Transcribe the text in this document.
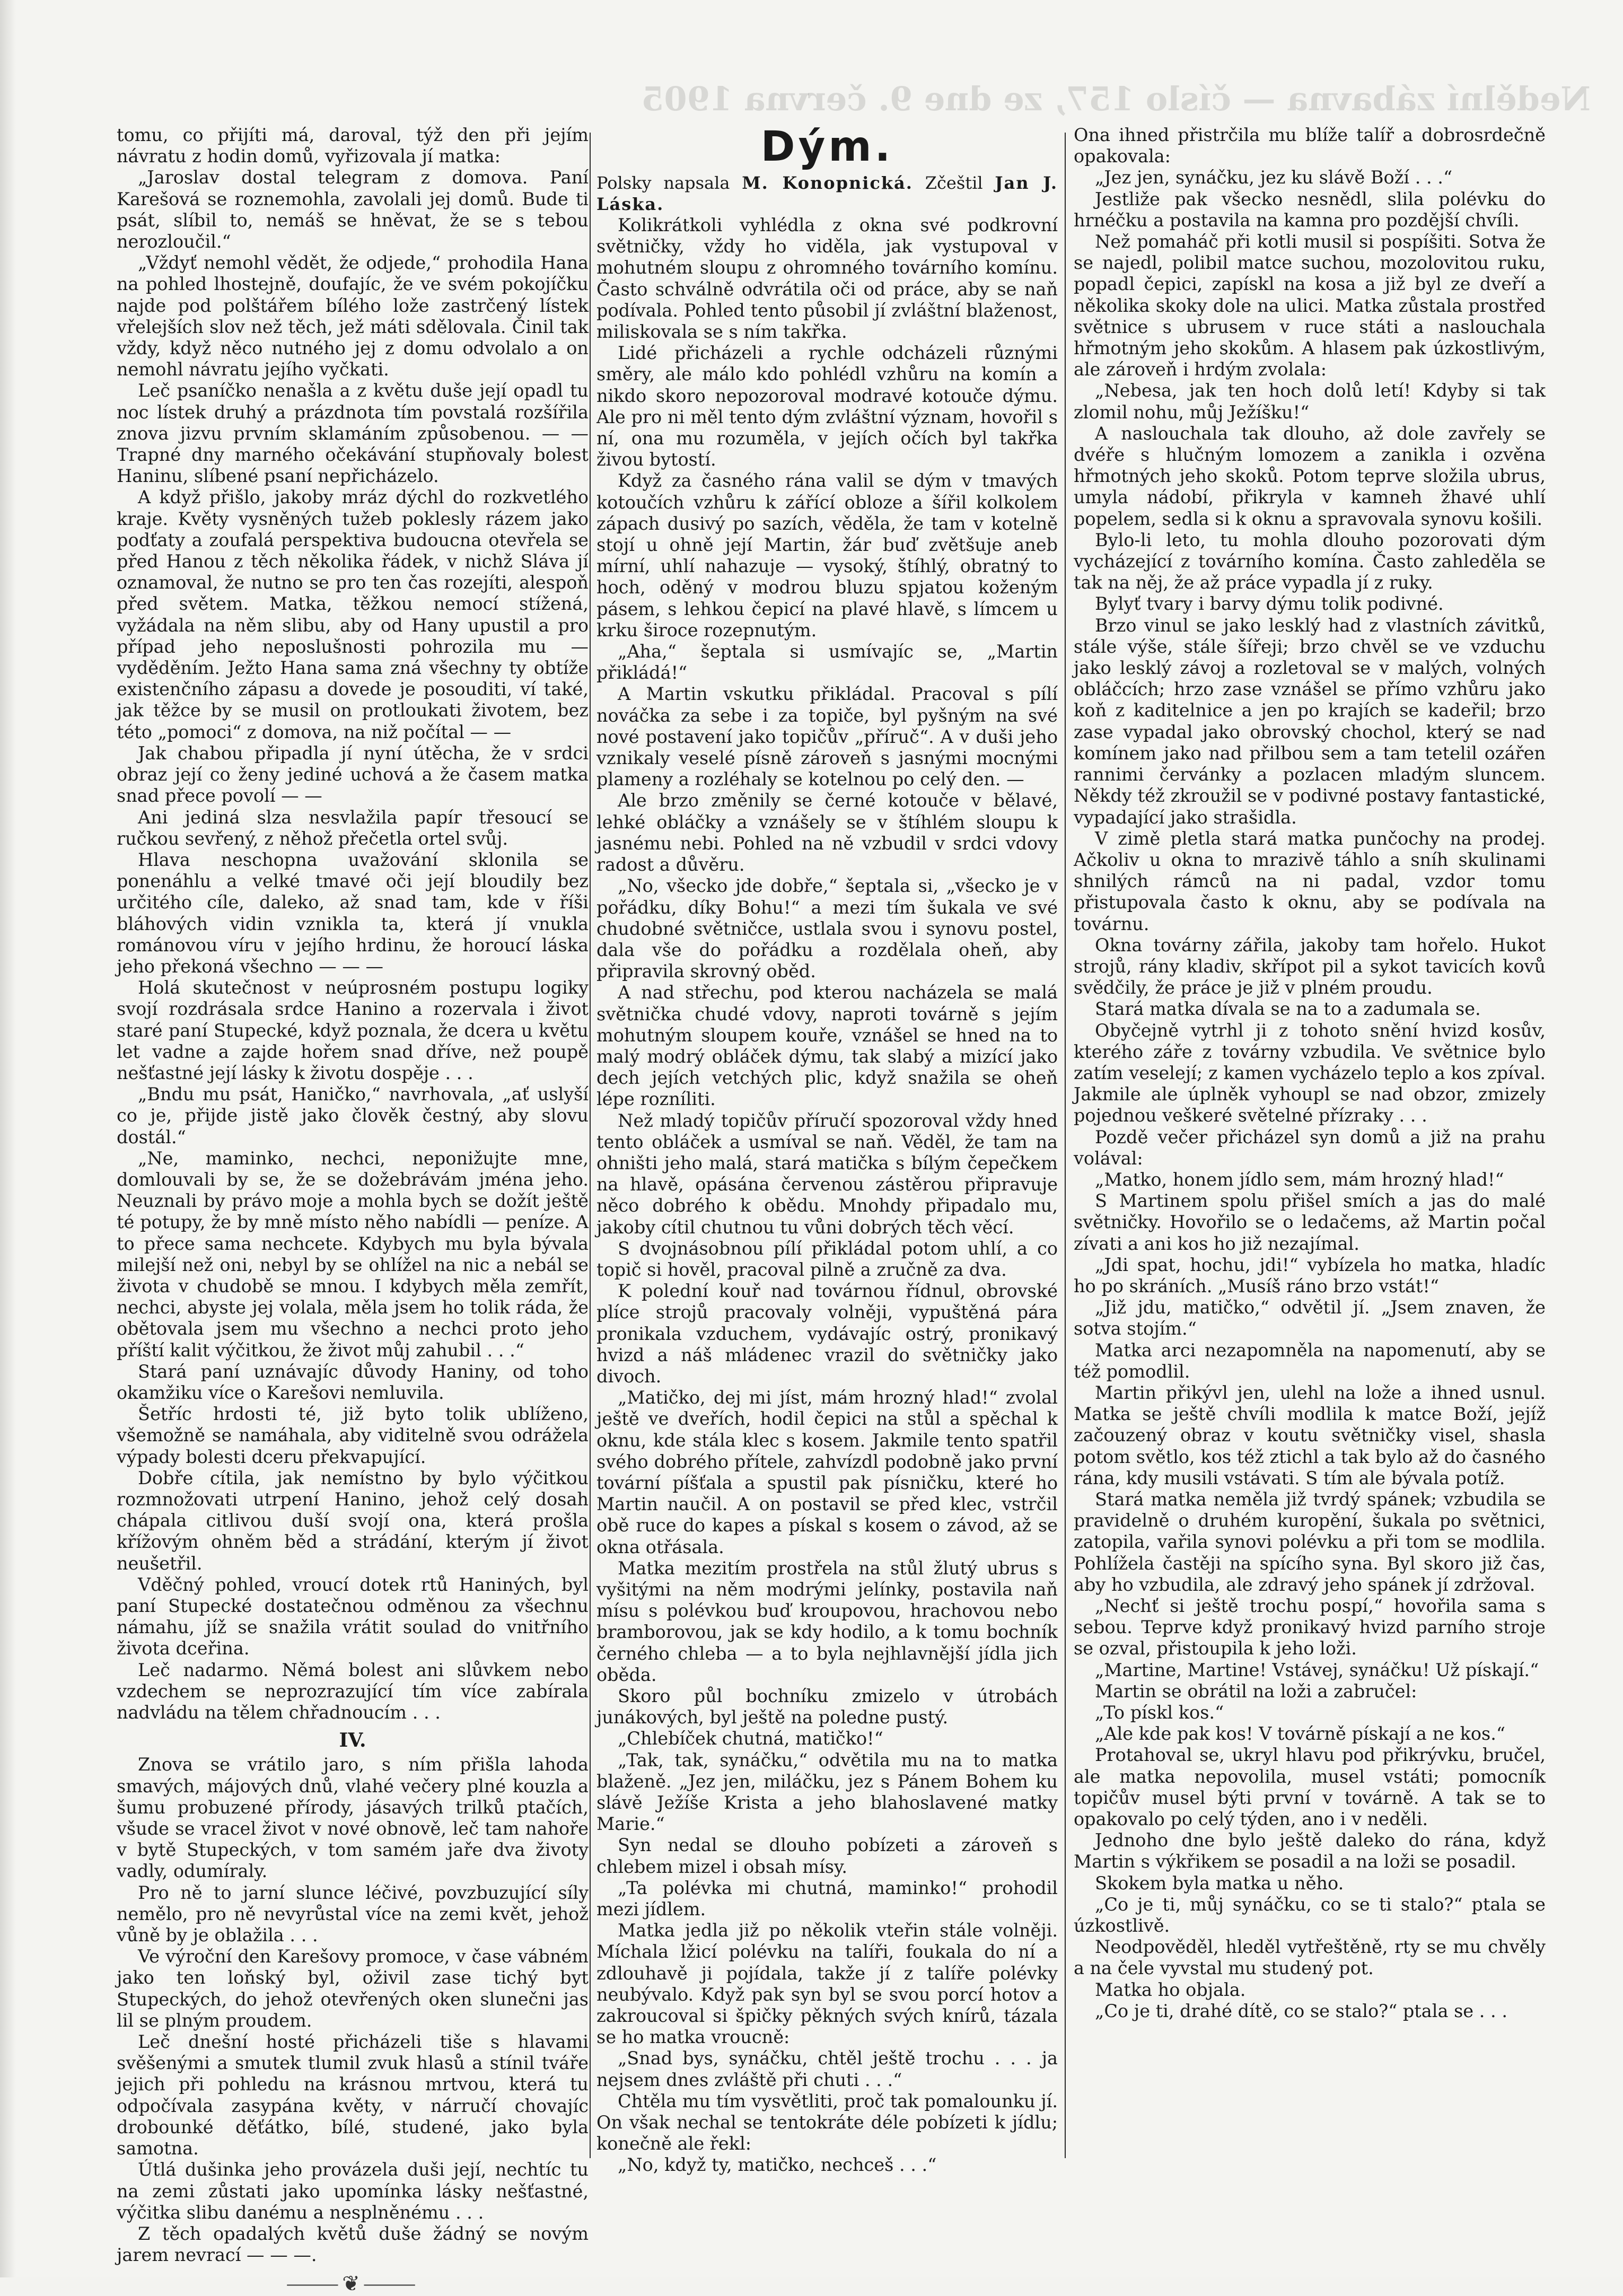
Nedělní zábavna — číslo 157, ze dne 9. června 1905

tomu, co přijíti má, daroval, týž den při jejím návratu z hodin domů, vyřizovala jí matka:

„Jaroslav dostal telegram z domova. Paní Karešová se roznemohla, zavolali jej domů. Bude ti psát, slíbil to, nemáš se hněvat, že se s tebou nerozloučil.“

„Vždyť nemohl vědět, že odjede,“ prohodila Hana na pohled lhostejně, doufajíc, že ve svém pokojíčku najde pod polštářem bílého lože zastrčený lístek vřelejších slov než těch, jež máti sdělovala. Činil tak vždy, když něco nutného jej z domu odvolalo a on nemohl návratu jejího vyčkati.

Leč psaníčko nenašla a z květu duše její opadl tu noc lístek druhý a prázdnota tím povstalá rozšířila znova jizvu prvním sklamáním způsobenou. — — Trapné dny marného očekávání stupňovaly bolest Haninu, slíbené psaní nepřicházelo.

A když přišlo, jakoby mráz dýchl do rozkvetlého kraje. Květy vysněných tužeb poklesly rázem jako podťaty a zoufalá perspektiva budoucna otevřela se před Hanou z těch několika řádek, v nichž Sláva jí oznamoval, že nutno se pro ten čas rozejíti, alespoň před světem. Matka, těžkou nemocí stížená, vyžádala na něm slibu, aby od Hany upustil a pro případ jeho neposlušnosti pohrozila mu — vyděděním. Ježto Hana sama zná všechny ty obtíže existenčního zápasu a dovede je posouditi, ví také, jak těžce by se musil on protloukati životem, bez této „pomoci“ z domova, na niž počítal — —

Jak chabou připadla jí nyní útěcha, že v srdci obraz její co ženy jediné uchová a že časem matka snad přece povolí — —

Ani jediná slza nesvlažila papír třesoucí se ručkou sevřený, z něhož přečetla ortel svůj.

Hlava neschopna uvažování sklonila se ponenáhlu a velké tmavé oči její bloudily bez určitého cíle, daleko, až snad tam, kde v říši bláhových vidin vznikla ta, která jí vnukla románovou víru v jejího hrdinu, že horoucí láska jeho překoná všechno — — —

Holá skutečnost v neúprosném postupu logiky svojí rozdrásala srdce Hanino a rozervala i život staré paní Stupecké, když poznala, že dcera u květu let vadne a zajde hořem snad dříve, než poupě nešťastné její lásky k životu dospěje . . .

„Bndu mu psát, Haničko,“ navrhovala, „ať uslyší co je, přijde jistě jako člověk čestný, aby slovu dostál.“

„Ne, maminko, nechci, neponižujte mne, domlouvali by se, že se dožebrávám jména jeho. Neuznali by právo moje a mohla bych se dožít ještě té potupy, že by mně místo něho nabídli — peníze. A to přece sama nechcete. Kdybych mu byla bývala milejší než oni, nebyl by se ohlížel na nic a nebál se života v chudobě se mnou. I kdybych měla zemřít, nechci, abyste jej volala, měla jsem ho tolik ráda, že obětovala jsem mu všechno a nechci proto jeho příští kalit výčitkou, že život můj zahubil . . .“

Stará paní uznávajíc důvody Haniny, od toho okamžiku více o Karešovi nemluvila.

Šetříc hrdosti té, již byto tolik ublíženo, všemožně se namáhala, aby viditelně svou odrážela výpady bolesti dceru překvapující.

Dobře cítila, jak nemístno by bylo výčitkou rozmnožovati utrpení Hanino, jehož celý dosah chápala citlivou duší svojí ona, která prošla křížovým ohněm běd a strádání, kterým jí život neušetřil.

Vděčný pohled, vroucí dotek rtů Haniných, byl paní Stupecké dostatečnou odměnou za všechnu námahu, jíž se snažila vrátit soulad do vnitřního života dceřina.

Leč nadarmo. Němá bolest ani slůvkem nebo vzdechem se neprozrazující tím více zabírala nadvládu na tělem chřadnoucím . . .

IV.

Znova se vrátilo jaro, s ním přišla lahoda smavých, májových dnů, vlahé večery plné kouzla a šumu probuzené přírody, jásavých trilků ptačích, všude se vracel život v nové obnově, leč tam nahoře v bytě Stupeckých, v tom samém jaře dva životy vadly, odumíraly.

Pro ně to jarní slunce léčivé, povzbuzující síly nemělo, pro ně nevyrůstal více na zemi květ, jehož vůně by je oblažila . . .

Ve výroční den Karešovy promoce, v čase vábném jako ten loňský byl, oživil zase tichý byt Stupeckých, do jehož otevřených oken slunečni jas lil se plným proudem.

Leč dnešní hosté přicházeli tiše s hlavami svěšenými a smutek tlumil zvuk hlasů a stínil tváře jejich při pohledu na krásnou mrtvou, která tu odpočívala zasypána květy, v nárručí chovajíc drobounké děťátko, bílé, studené, jako byla samotna.

Útlá dušinka jeho provázela duši její, nechtíc tu na zemi zůstati jako upomínka lásky nešťastné, výčitka slibu danému a nesplněnému . . .

Z těch opadalých květů duše žádný se novým jarem nevrací — — —.

⸻❦⸻
Dým.

Polsky napsala M. Konopnická. Zčeštil Jan J. Láska.

Kolikrátkoli vyhlédla z okna své podkrovní světničky, vždy ho viděla, jak vystupoval v mohutném sloupu z ohromného továrního komínu. Často schválně odvrátila oči od práce, aby se naň podívala. Pohled tento působil jí zvláštní blaženost, miliskovala se s ním takřka.

Lidé přicházeli a rychle odcházeli různými směry, ale málo kdo pohlédl vzhůru na komín a nikdo skoro nepozoroval modravé kotouče dýmu. Ale pro ni měl tento dým zvláštní význam, hovořil s ní, ona mu rozuměla, v jejích očích byl takřka živou bytostí.

Když za časného rána valil se dým v tmavých kotoučích vzhůru k zářící obloze a šířil kolkolem zápach dusivý po sazích, věděla, že tam v kotelně stojí u ohně její Martin, žár buď zvětšuje aneb mírní, uhlí nahazuje — vysoký, štíhlý, obratný to hoch, oděný v modrou bluzu spjatou koženým pásem, s lehkou čepicí na plavé hlavě, s límcem u krku široce rozepnutým.

„Aha,“ šeptala si usmívajíc se, „Martin přikládá!“

A Martin vskutku přikládal. Pracoval s pílí nováčka za sebe i za topiče, byl pyšným na své nové postavení jako topičův „příruč“. A v duši jeho vznikaly veselé písně zároveň s jasnými mocnými plameny a rozléhaly se kotelnou po celý den. —

Ale brzo změnily se černé kotouče v bělavé, lehké obláčky a vznášely se v štíhlém sloupu k jasnému nebi. Pohled na ně vzbudil v srdci vdovy radost a důvěru.

„No, všecko jde dobře,“ šeptala si, „všecko je v pořádku, díky Bohu!“ a mezi tím šukala ve své chudobné světničce, ustlala svou i synovu postel, dala vše do pořádku a rozdělala oheň, aby připravila skrovný oběd.

A nad střechu, pod kterou nacházela se malá světnička chudé vdovy, naproti továrně s jejím mohutným sloupem kouře, vznášel se hned na to malý modrý obláček dýmu, tak slabý a mizící jako dech jejích vetchých plic, když snažila se oheň lépe rozníliti.

Než mladý topičův příručí spozoroval vždy hned tento obláček a usmíval se naň. Věděl, že tam na ohništi jeho malá, stará matička s bílým čepečkem na hlavě, opásána červenou zástěrou připravuje něco dobrého k obědu. Mnohdy připadalo mu, jakoby cítil chutnou tu vůni dobrých těch věcí.

S dvojnásobnou pílí přikládal potom uhlí, a co topič si hověl, pracoval pilně a zručně za dva.

K polední kouř nad továrnou řídnul, obrovské plíce strojů pracovaly volněji, vypuštěná pára pronikala vzduchem, vydávajíc ostrý, pronikavý hvizd a náš mládenec vrazil do světničky jako divoch.

„Matičko, dej mi jíst, mám hrozný hlad!“ zvolal ještě ve dveřích, hodil čepici na stůl a spěchal k oknu, kde stála klec s kosem. Jakmile tento spatřil svého dobrého přítele, zahvízdl podobně jako první tovární píšťala a spustil pak písničku, které ho Martin naučil. A on postavil se před klec, vstrčil obě ruce do kapes a pískal s kosem o závod, až se okna otřásala.

Matka mezitím prostřela na stůl žlutý ubrus s vyšitými na něm modrými jelínky, postavila naň mísu s polévkou buď kroupovou, hrachovou nebo bramborovou, jak se kdy hodilo, a k tomu bochník černého chleba — a to byla nejhlavnější jídla jich oběda.

Skoro půl bochníku zmizelo v útrobách junákových, byl ještě na poledne pustý.

„Chlebíček chutná, matičko!“

„Tak, tak, synáčku,“ odvětila mu na to matka blaženě. „Jez jen, miláčku, jez s Pánem Bohem ku slávě Ježíše Krista a jeho blahoslavené matky Marie.“

Syn nedal se dlouho pobízeti a zároveň s chlebem mizel i obsah mísy.

„Ta polévka mi chutná, maminko!“ prohodil mezi jídlem.

Matka jedla již po několik vteřin stále volněji. Míchala lžicí polévku na talíři, foukala do ní a zdlouhavě ji pojídala, takže jí z talíře polévky neubývalo. Když pak syn byl se svou porcí hotov a zakroucoval si špičky pěkných svých knírů, tázala se ho matka vroucně:

„Snad bys, synáčku, chtěl ještě trochu . . . ja nejsem dnes zvláště při chuti . . .“

Chtěla mu tím vysvětliti, proč tak pomalounku jí. On však nechal se tentokráte déle pobízeti k jídlu; konečně ale řekl:

„No, když ty, matičko, nechceš . . .“

Ona ihned přistrčila mu blíže talíř a dobrosrdečně opakovala:

„Jez jen, synáčku, jez ku slávě Boží . . .“

Jestliže pak všecko nesnědl, slila polévku do hrnéčku a postavila na kamna pro pozdější chvíli.

Než pomaháč při kotli musil si pospíšiti. Sotva že se najedl, polibil matce suchou, mozolovitou ruku, popadl čepici, zapískl na kosa a již byl ze dveří a několika skoky dole na ulici. Matka zůstala prostřed světnice s ubrusem v ruce státi a naslouchala hřmotným jeho skokům. A hlasem pak úzkostlivým, ale zároveň i hrdým zvolala:

„Nebesa, jak ten hoch dolů letí! Kdyby si tak zlomil nohu, můj Ježíšku!“

A naslouchala tak dlouho, až dole zavřely se dvéře s hlučným lomozem a zanikla i ozvěna hřmotných jeho skoků. Potom teprve složila ubrus, umyla nádobí, přikryla v kamneh žhavé uhlí popelem, sedla si k oknu a spravovala synovu košili.

Bylo-li leto, tu mohla dlouho pozorovati dým vycházející z továrního komína. Často zahleděla se tak na něj, že až práce vypadla jí z ruky.

Bylyť tvary i barvy dýmu tolik podivné.

Brzo vinul se jako lesklý had z vlastních závitků, stále výše, stále šířeji; brzo chvěl se ve vzduchu jako lesklý závoj a rozletoval se v malých, volných obláčcích; hrzo zase vznášel se přímo vzhůru jako koň z kaditelnice a jen po krajích se kadeřil; brzo zase vypadal jako obrovský chochol, který se nad komínem jako nad přilbou sem a tam tetelil ozářen rannimi červánky a pozlacen mladým sluncem. Někdy též zkroužil se v podivné postavy fantastické, vypadající jako strašidla.

V zimě pletla stará matka punčochy na prodej. Ačkoliv u okna to mrazivě táhlo a sníh skulinami shnilých rámců na ni padal, vzdor tomu přistupovala často k oknu, aby se podívala na továrnu.

Okna továrny zářila, jakoby tam hořelo. Hukot strojů, rány kladiv, skřípot pil a sykot tavicích kovů svědčily, že práce je již v plném proudu.

Stará matka dívala se na to a zadumala se.

Obyčejně vytrhl ji z tohoto snění hvizd kosův, kterého záře z továrny vzbudila. Ve světnice bylo zatím veselejí; z kamen vycházelo teplo a kos zpíval. Jakmile ale úplněk vyhoupl se nad obzor, zmizely pojednou veškeré světelné přízraky . . .

Pozdě večer přicházel syn domů a již na prahu volával:

„Matko, honem jídlo sem, mám hrozný hlad!“

S Martinem spolu přišel smích a jas do malé světničky. Hovořilo se o ledačems, až Martin počal zívati a ani kos ho již nezajímal.

„Jdi spat, hochu, jdi!“ vybízela ho matka, hladíc ho po skráních. „Musíš ráno brzo vstát!“

„Již jdu, matičko,“ odvětil jí. „Jsem znaven, že sotva stojím.“

Matka arci nezapomněla na napomenutí, aby se též pomodlil.

Martin přikývl jen, ulehl na lože a ihned usnul. Matka se ještě chvíli modlila k matce Boží, jejíž začouzený obraz v koutu světničky visel, shasla potom světlo, kos též ztichl a tak bylo až do časného rána, kdy musili vstávati. S tím ale bývala potíž.

Stará matka neměla již tvrdý spánek; vzbudila se pravidelně o druhém kuropění, šukala po světnici, zatopila, vařila synovi polévku a při tom se modlila. Pohlížela častěji na spícího syna. Byl skoro již čas, aby ho vzbudila, ale zdravý jeho spánek jí zdržoval.

„Nechť si ještě trochu pospí,“ hovořila sama s sebou. Teprve když pronikavý hvizd parního stroje se ozval, přistoupila k jeho loži.

„Martine, Martine! Vstávej, synáčku! Už pískají.“

Martin se obrátil na loži a zabručel:

„To pískl kos.“

„Ale kde pak kos! V továrně pískají a ne kos.“

Protahoval se, ukryl hlavu pod přikrývku, bručel, ale matka nepovolila, musel vstáti; pomocník topičův musel býti první v továrně. A tak se to opakovalo po celý týden, ano i v neděli.

Jednoho dne bylo ještě daleko do rána, když Martin s výkřikem se posadil a na loži se posadil.

Skokem byla matka u něho.

„Co je ti, můj synáčku, co se ti stalo?“ ptala se úzkostlivě.

Neodpověděl, hleděl vytřeštěně, rty se mu chvěly a na čele vyvstal mu studený pot.

Matka ho objala.

„Co je ti, drahé dítě, co se stalo?“ ptala se . . .
